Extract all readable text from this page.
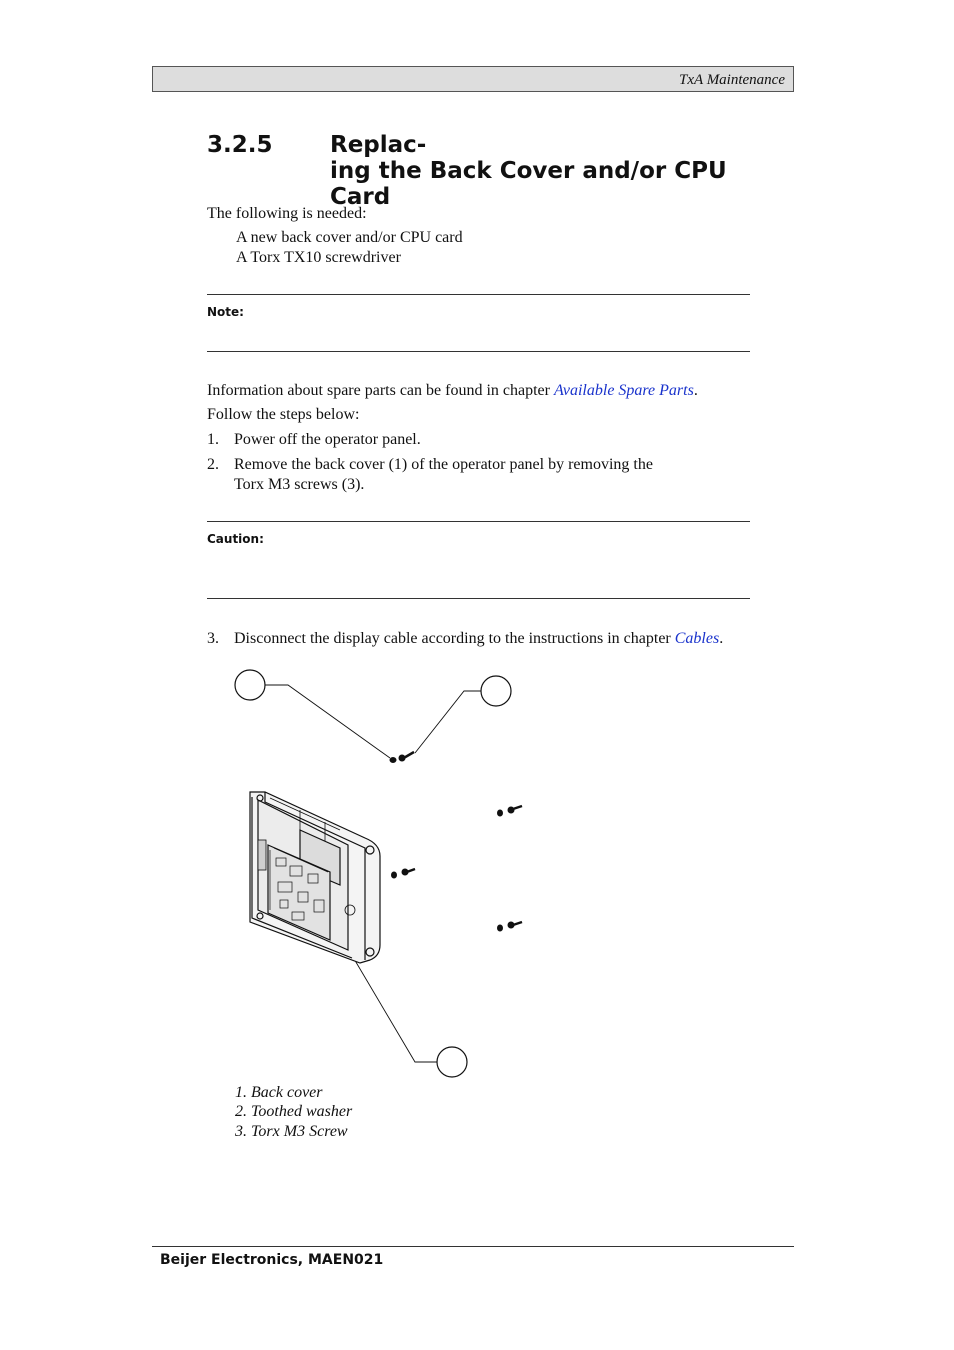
TxA Maintenance
3.2.5	Replac-
ing the Back Cover and/or CPU Card
The following is needed:
A new back cover and/or CPU card
A Torx TX10 screwdriver
Note:
Information about spare parts can be found in chapter Available Spare Parts.
Follow the steps below:
1. Power off the operator panel.
2. Remove the back cover (1) of the operator panel by removing the
Torx M3 screws (3).
Caution:
3. Disconnect the display cable according to the instructions in chapter Cables.
1. Back cover
2. Toothed washer
3. Torx M3 Screw
Beijer Electronics, MAEN021
